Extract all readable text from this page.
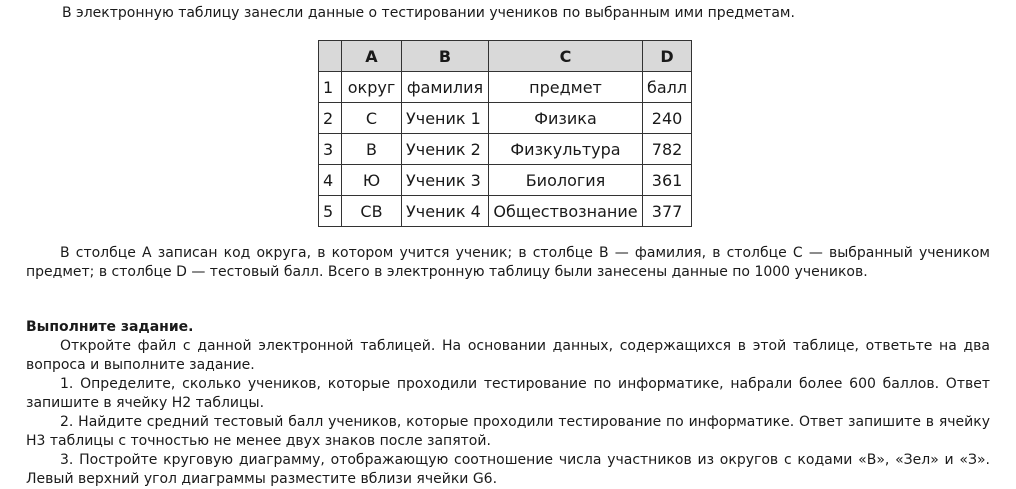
В электронную таблицу занесли данные о тестировании учеников по выбранным ими предметам.

	A	B	C	D
1	округ	фамилия	предмет	балл
2	С	Ученик 1	Физика	240
3	В	Ученик 2	Физкультура	782
4	Ю	Ученик 3	Биология	361
5	СВ	Ученик 4	Обществознание	377

В столбце A записан код округа, в котором учится ученик; в столбце B — фамилия, в столбце C — выбранный учеником предмет; в столбце D — тестовый балл. Всего в электронную таблицу были занесены данные по 1000 учеников.

Выполните задание.

Откройте файл с данной электронной таблицей. На основании данных, содержащихся в этой таблице, ответьте на два вопроса и выполните задание.

1. Определите, сколько учеников, которые проходили тестирование по информатике, набрали более 600 баллов. Ответ запишите в ячейку H2 таблицы.

2. Найдите средний тестовый балл учеников, которые проходили тестирование по информатике. Ответ запишите в ячейку H3 таблицы с точностью не менее двух знаков после запятой.

3. Постройте круговую диаграмму, отображающую соотношение числа участников из округов с кодами «В», «Зел» и «З». Левый верхний угол диаграммы разместите вблизи ячейки G6.
